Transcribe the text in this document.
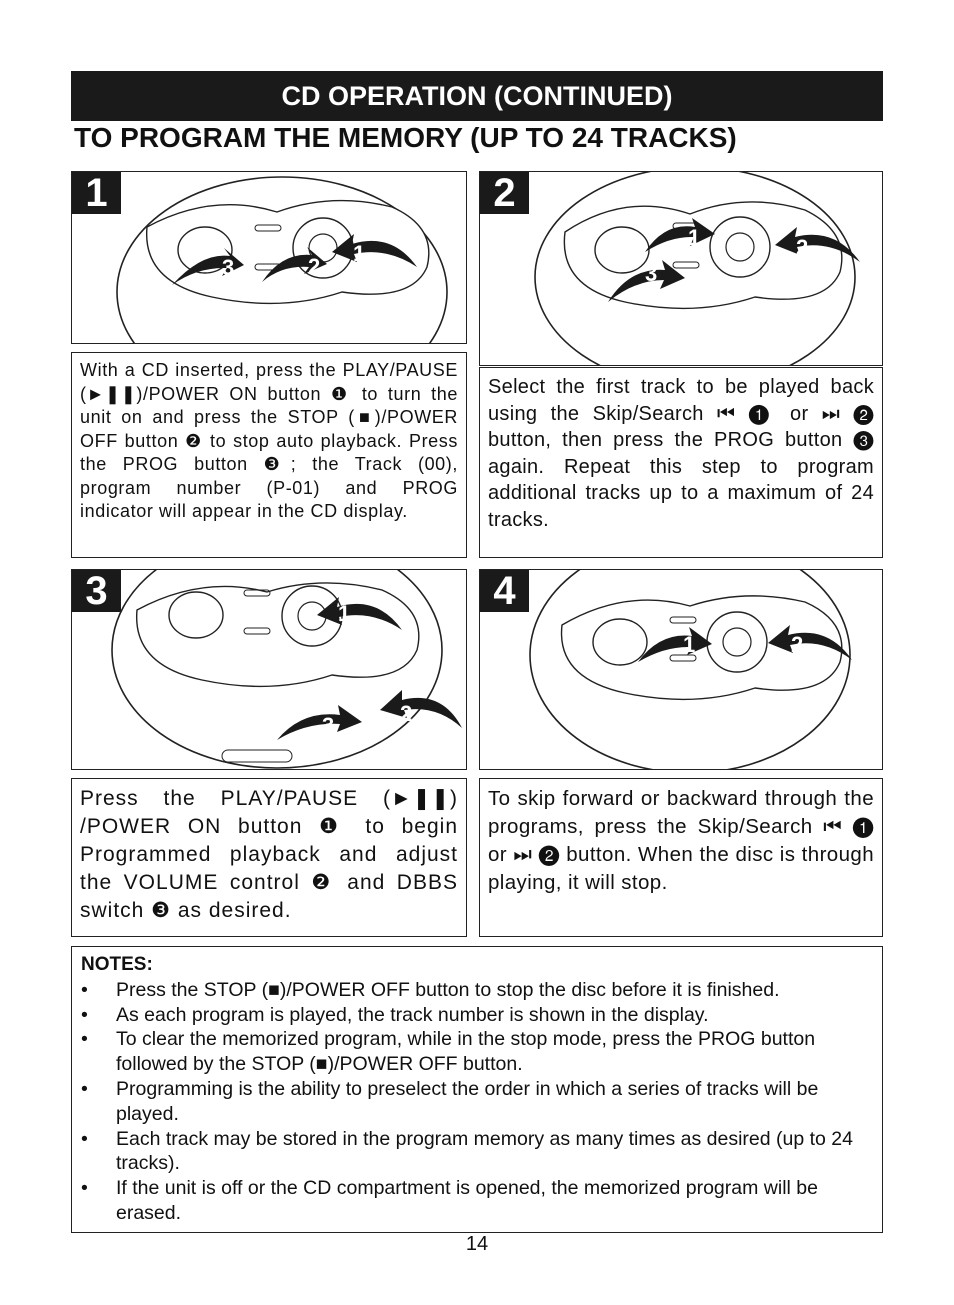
CD OPERATION (CONTINUED)
TO PROGRAM THE MEMORY (UP TO 24 TRACKS)
1
3	2
1
2
1	2
3
With a CD inserted, press the PLAY/PAUSE (►❚❚)/POWER ON button ❶ to turn the unit on and press the STOP (■)/POWER OFF button ❷ to stop auto playback. Press the PROG button ❸; the Track (00), program number (P-01) and PROG indicator will appear in the CD display.
Select the first track to be played back using the Skip/Search ⏮ ❶ or ⏭ ❷ button, then press the PROG button ❸ again. Repeat this step to program additional tracks up to a maximum of 24 tracks.
3
1
3	2
4
1	2
Press the PLAY/PAUSE (►❚❚) /POWER ON button ❶ to begin Programmed playback and adjust the VOLUME control ❷ and DBBS switch ❸ as desired.
To skip forward or backward through the programs, press the Skip/Search ⏮ ❶ or ⏭ ❷ button. When the disc is through playing, it will stop.
NOTES:
• Press the STOP (■)/POWER OFF button to stop the disc before it is finished.
• As each program is played, the track number is shown in the display.
• To clear the memorized program, while in the stop mode, press the PROG button followed by the STOP (■)/POWER OFF button.
• Programming is the ability to preselect the order in which a series of tracks will be played.
• Each track may be stored in the program memory as many times as desired (up to 24 tracks).
• If the unit is off or the CD compartment is opened, the memorized program will be erased.
14
